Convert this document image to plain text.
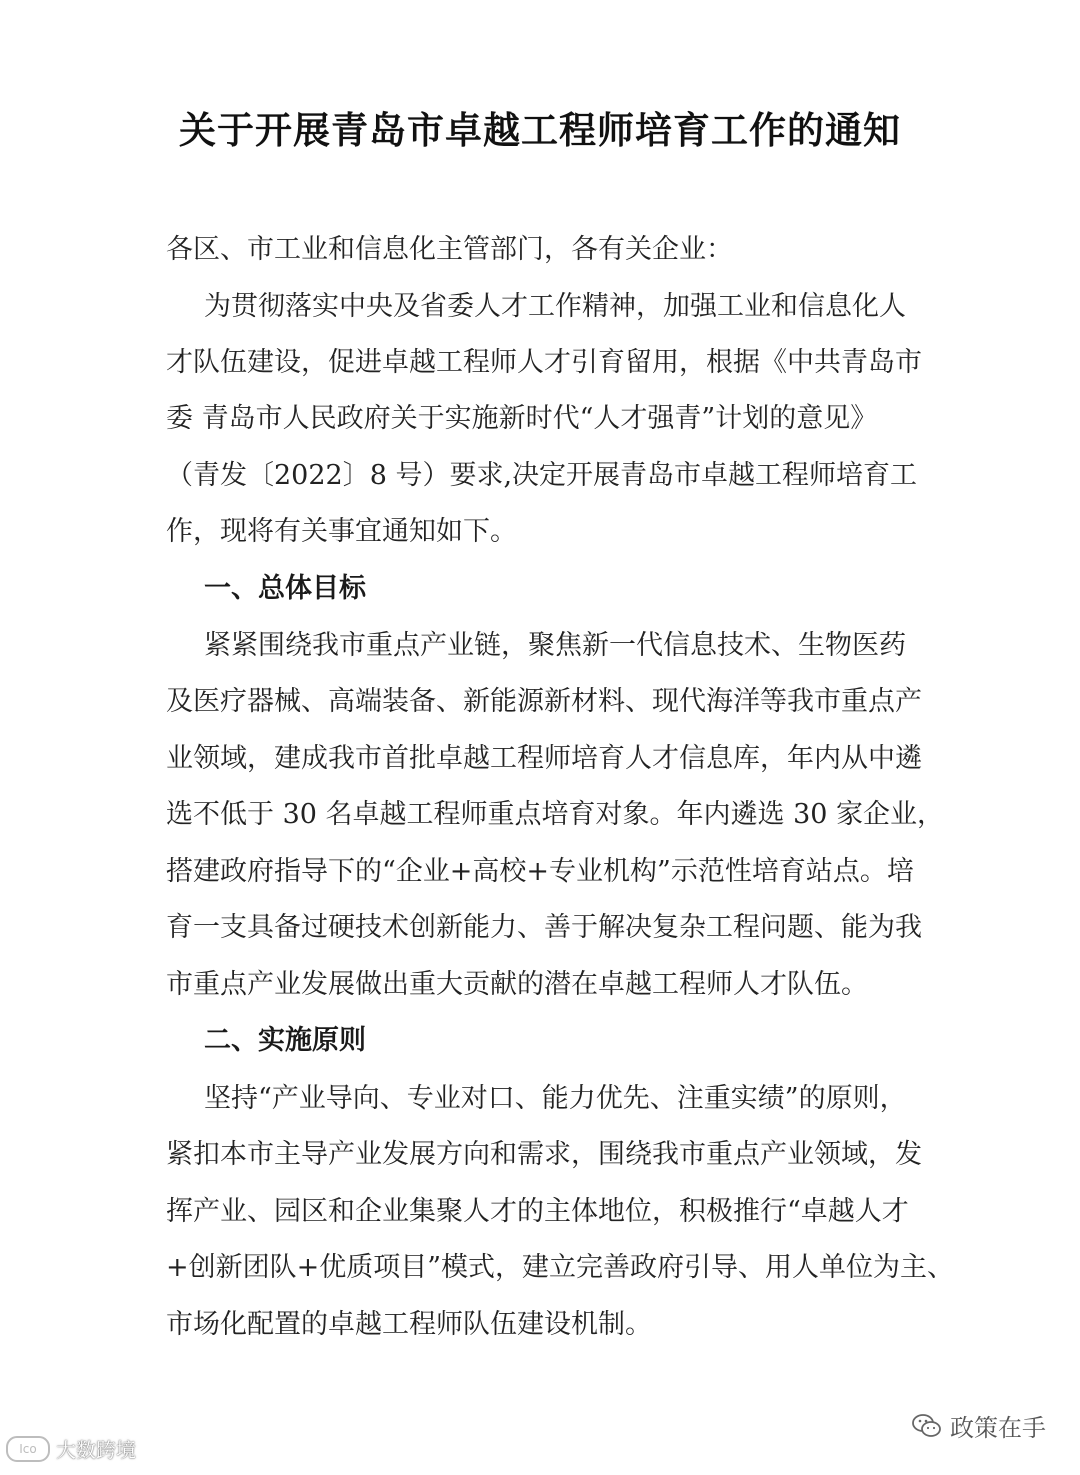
关于开展青岛市卓越工程师培育工作的通知
各区、市工业和信息化主管部门，各有关企业：
为贯彻落实中央及省委人才工作精神，加强工业和信息化人
才队伍建设，促进卓越工程师人才引育留用，根据《中共青岛市
委 青岛市人民政府关于实施新时代“人才强青”计划的意见》
（青发〔2022〕8 号）要求,决定开展青岛市卓越工程师培育工
作，现将有关事宜通知如下。
一、总体目标
紧紧围绕我市重点产业链，聚焦新一代信息技术、生物医药
及医疗器械、高端装备、新能源新材料、现代海洋等我市重点产
业领域，建成我市首批卓越工程师培育人才信息库，年内从中遴
选不低于 30 名卓越工程师重点培育对象。年内遴选 30 家企业，
搭建政府指导下的“企业+高校+专业机构”示范性培育站点。培
育一支具备过硬技术创新能力、善于解决复杂工程问题、能为我
市重点产业发展做出重大贡献的潜在卓越工程师人才队伍。
二、实施原则
坚持“产业导向、专业对口、能力优先、注重实绩”的原则，
紧扣本市主导产业发展方向和需求，围绕我市重点产业领域，发
挥产业、园区和企业集聚人才的主体地位，积极推行“卓越人才
+创新团队+优质项目”模式，建立完善政府引导、用人单位为主、
市场化配置的卓越工程师队伍建设机制。
Ico 大数跨境
政策在手
